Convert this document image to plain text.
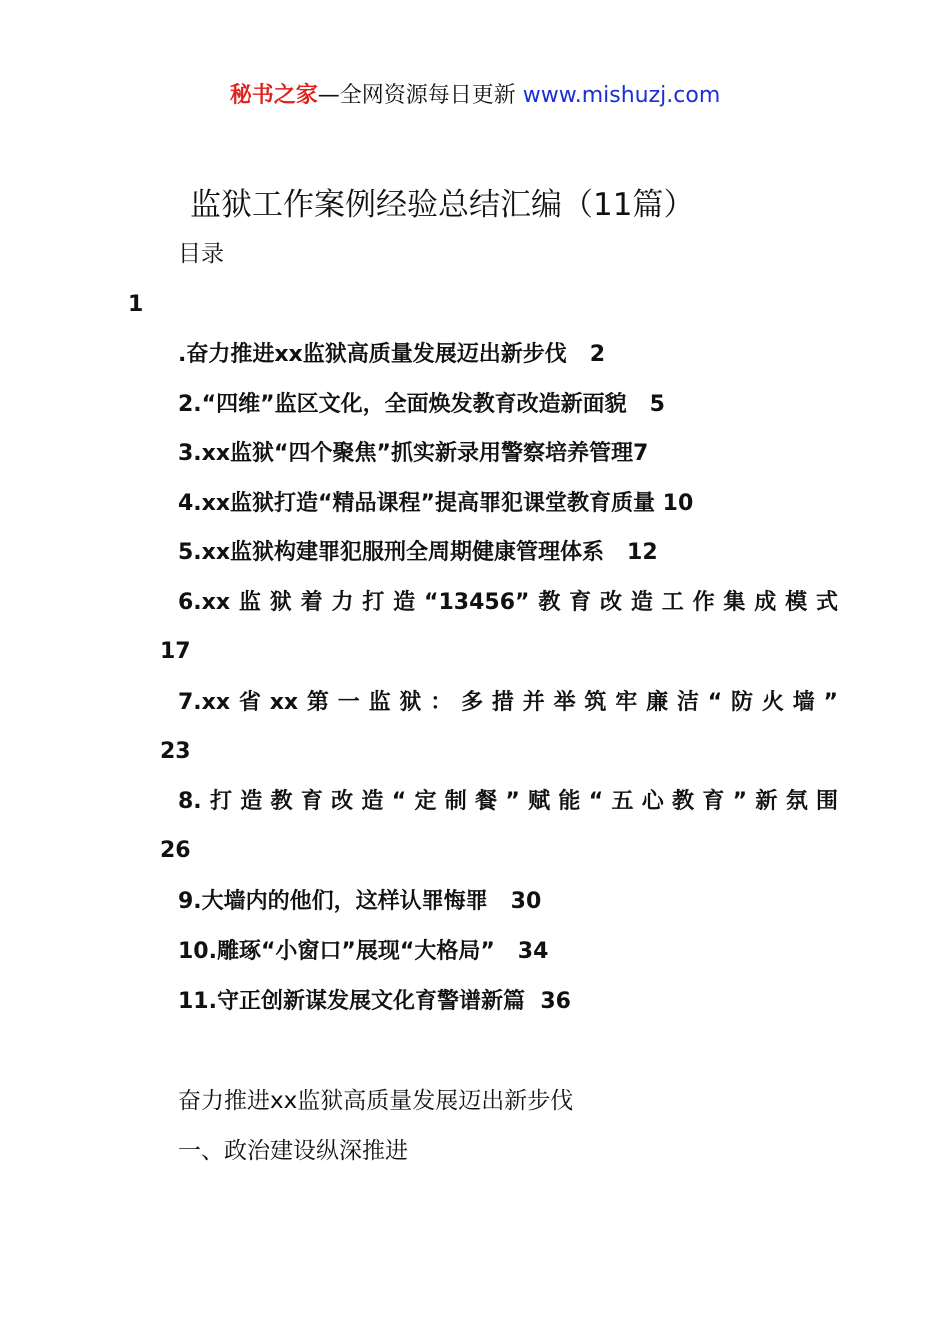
秘书之家—全网资源每日更新 www.mishuzj.com
监狱工作案例经验总结汇编（11篇）
目录
1
.奋力推进xx监狱高质量发展迈出新步伐 2
2.“四维”监区文化，全面焕发教育改造新面貌 5
3.xx监狱“四个聚焦”抓实新录用警察培养管理7
4.xx监狱打造“精品课程”提高罪犯课堂教育质量 10
5.xx监狱构建罪犯服刑全周期健康管理体系 12
6.xx监狱着力打造“13456”教育改造工作集成模式
17
7.xx省xx第一监狱：多措并举筑牢廉洁“防火墙”
23
8.打造教育改造“定制餐”赋能“五心教育”新氛围
26
9.大墙内的他们，这样认罪悔罪 30
10.雕琢“小窗口”展现“大格局” 34
11.守正创新谋发展文化育警谱新篇 36
奋力推进xx监狱高质量发展迈出新步伐
一、政治建设纵深推进
